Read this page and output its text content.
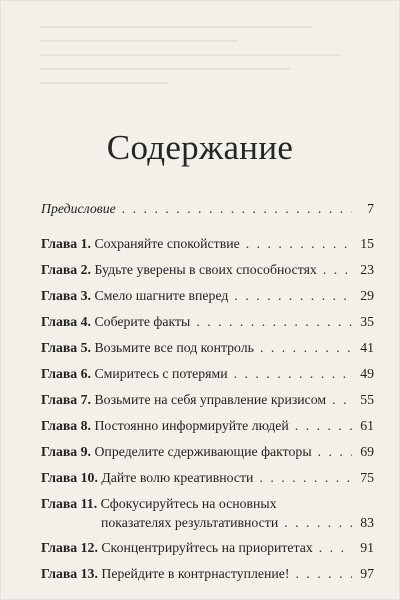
Содержание
Предисловие . . .	7
Глава 1. Сохраняйте спокойствие . . .	15
Глава 2. Будьте уверены в своих способностях . . .	23
Глава 3. Смело шагните вперед . . .	29
Глава 4. Соберите факты . . .	35
Глава 5. Возьмите все под контроль . . .	41
Глава 6. Смиритесь с потерями . . .	49
Глава 7. Возьмите на себя управление кризисом . . .	55
Глава 8. Постоянно информируйте людей . . .	61
Глава 9. Определите сдерживающие факторы . . .	69
Глава 10. Дайте волю креативности . . .	75
Глава 11. Сфокусируйтесь на основных
показателях результативности . . .	83
Глава 12. Сконцентрируйтесь на приоритетах . . .	91
Глава 13. Перейдите в контрнаступление! . . .	97
